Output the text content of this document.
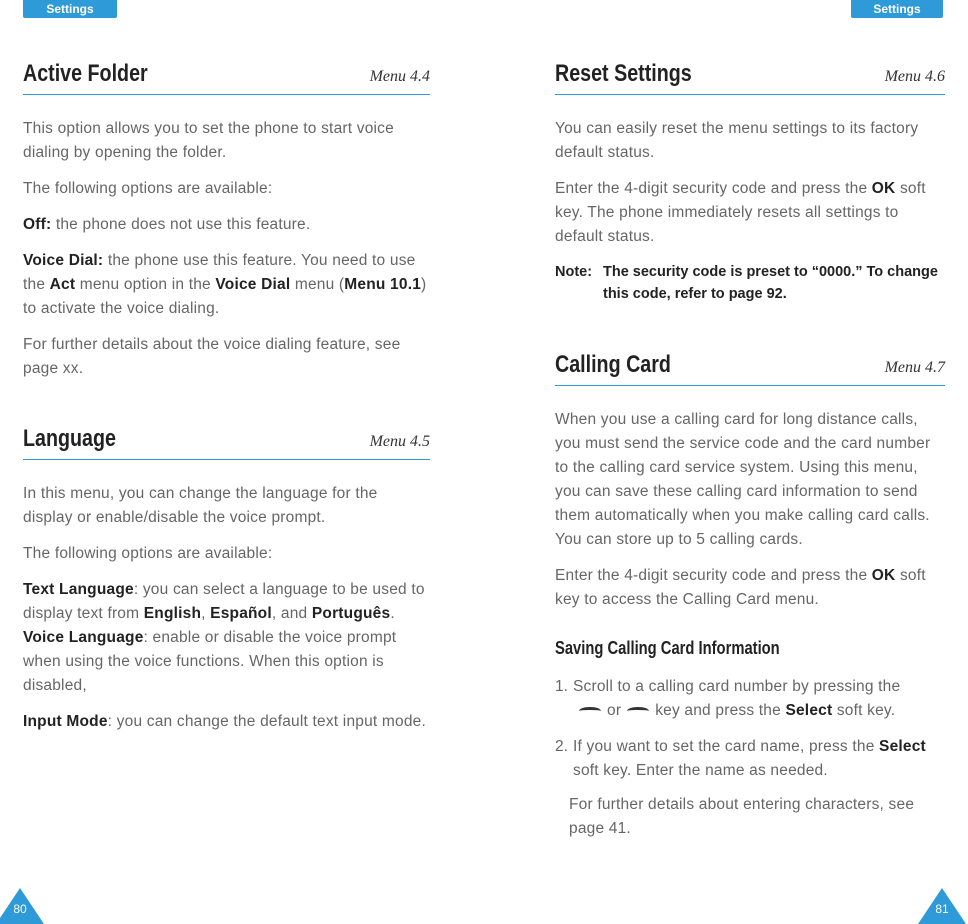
Settings
Active Folder	Menu 4.4

This option allows you to set the phone to start voice dialing by opening the folder.

The following options are available:

Off: the phone does not use this feature.

Voice Dial: the phone use this feature. You need to use the Act menu option in the Voice Dial menu (Menu 10.1) to activate the voice dialing.

For further details about the voice dialing feature, see page xx.

Language	Menu 4.5

In this menu, you can change the language for the display or enable/disable the voice prompt.

The following options are available:

Text Language: you can select a language to be used to display text from English, Español, and Português.

Voice Language: enable or disable the voice prompt when using the voice functions. When this option is disabled,

Input Mode: you can change the default text input mode.

80
Settings
Reset Settings	Menu 4.6

You can easily reset the menu settings to its factory default status.

Enter the 4-digit security code and press the OK soft key. The phone immediately resets all settings to default status.

Note: The security code is preset to “0000.” To change this code, refer to page 92.
Calling Card	Menu 4.7

When you use a calling card for long distance calls, you must send the service code and the card number to the calling card service system. Using this menu, you can save these calling card information to send them automatically when you make calling card calls. You can store up to 5 calling cards.

Enter the 4-digit security code and press the OK soft key to access the Calling Card menu.

Saving Calling Card Information
1. Scroll to a calling card number by pressing the
or key and press the Select soft key.

2. If you want to set the card name, press the Select soft key. Enter the name as needed.

For further details about entering characters, see page 41.

81
